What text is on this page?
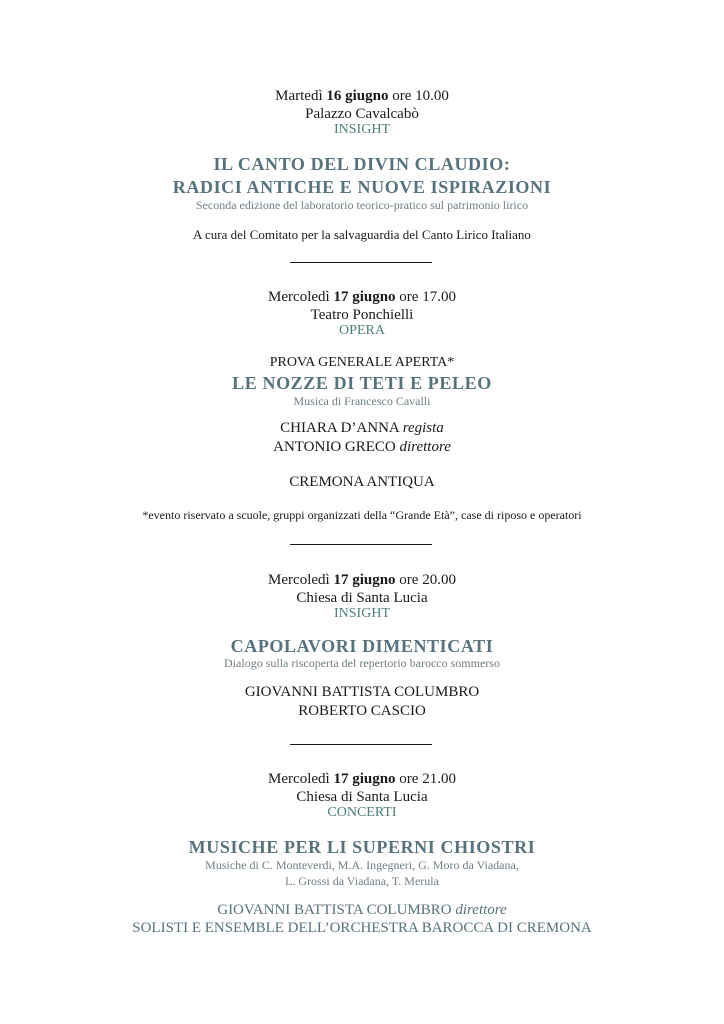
Martedì 16 giugno ore 10.00
Palazzo Cavalcabò
INSIGHT
IL CANTO DEL DIVIN CLAUDIO:
RADICI ANTICHE E NUOVE ISPIRAZIONI
Seconda edizione del laboratorio teorico-pratico sul patrimonio lirico
A cura del Comitato per la salvaguardia del Canto Lirico Italiano
Mercoledì 17 giugno ore 17.00
Teatro Ponchielli
OPERA
PROVA GENERALE APERTA*
LE NOZZE DI TETI E PELEO
Musica di Francesco Cavalli
CHIARA D’ANNA regista
ANTONIO GRECO direttore
CREMONA ANTIQUA
*evento riservato a scuole, gruppi organizzati della “Grande Età”, case di riposo e operatori
Mercoledì 17 giugno ore 20.00
Chiesa di Santa Lucia
INSIGHT
CAPOLAVORI DIMENTICATI
Dialogo sulla riscoperta del repertorio barocco sommerso
GIOVANNI BATTISTA COLUMBRO
ROBERTO CASCIO
Mercoledì 17 giugno ore 21.00
Chiesa di Santa Lucia
CONCERTI
MUSICHE PER LI SUPERNI CHIOSTRI
Musiche di C. Monteverdi, M.A. Ingegneri, G. Moro da Viadana,
L. Grossi da Viadana, T. Merula
GIOVANNI BATTISTA COLUMBRO direttore
SOLISTI E ENSEMBLE DELL’ORCHESTRA BAROCCA DI CREMONA
